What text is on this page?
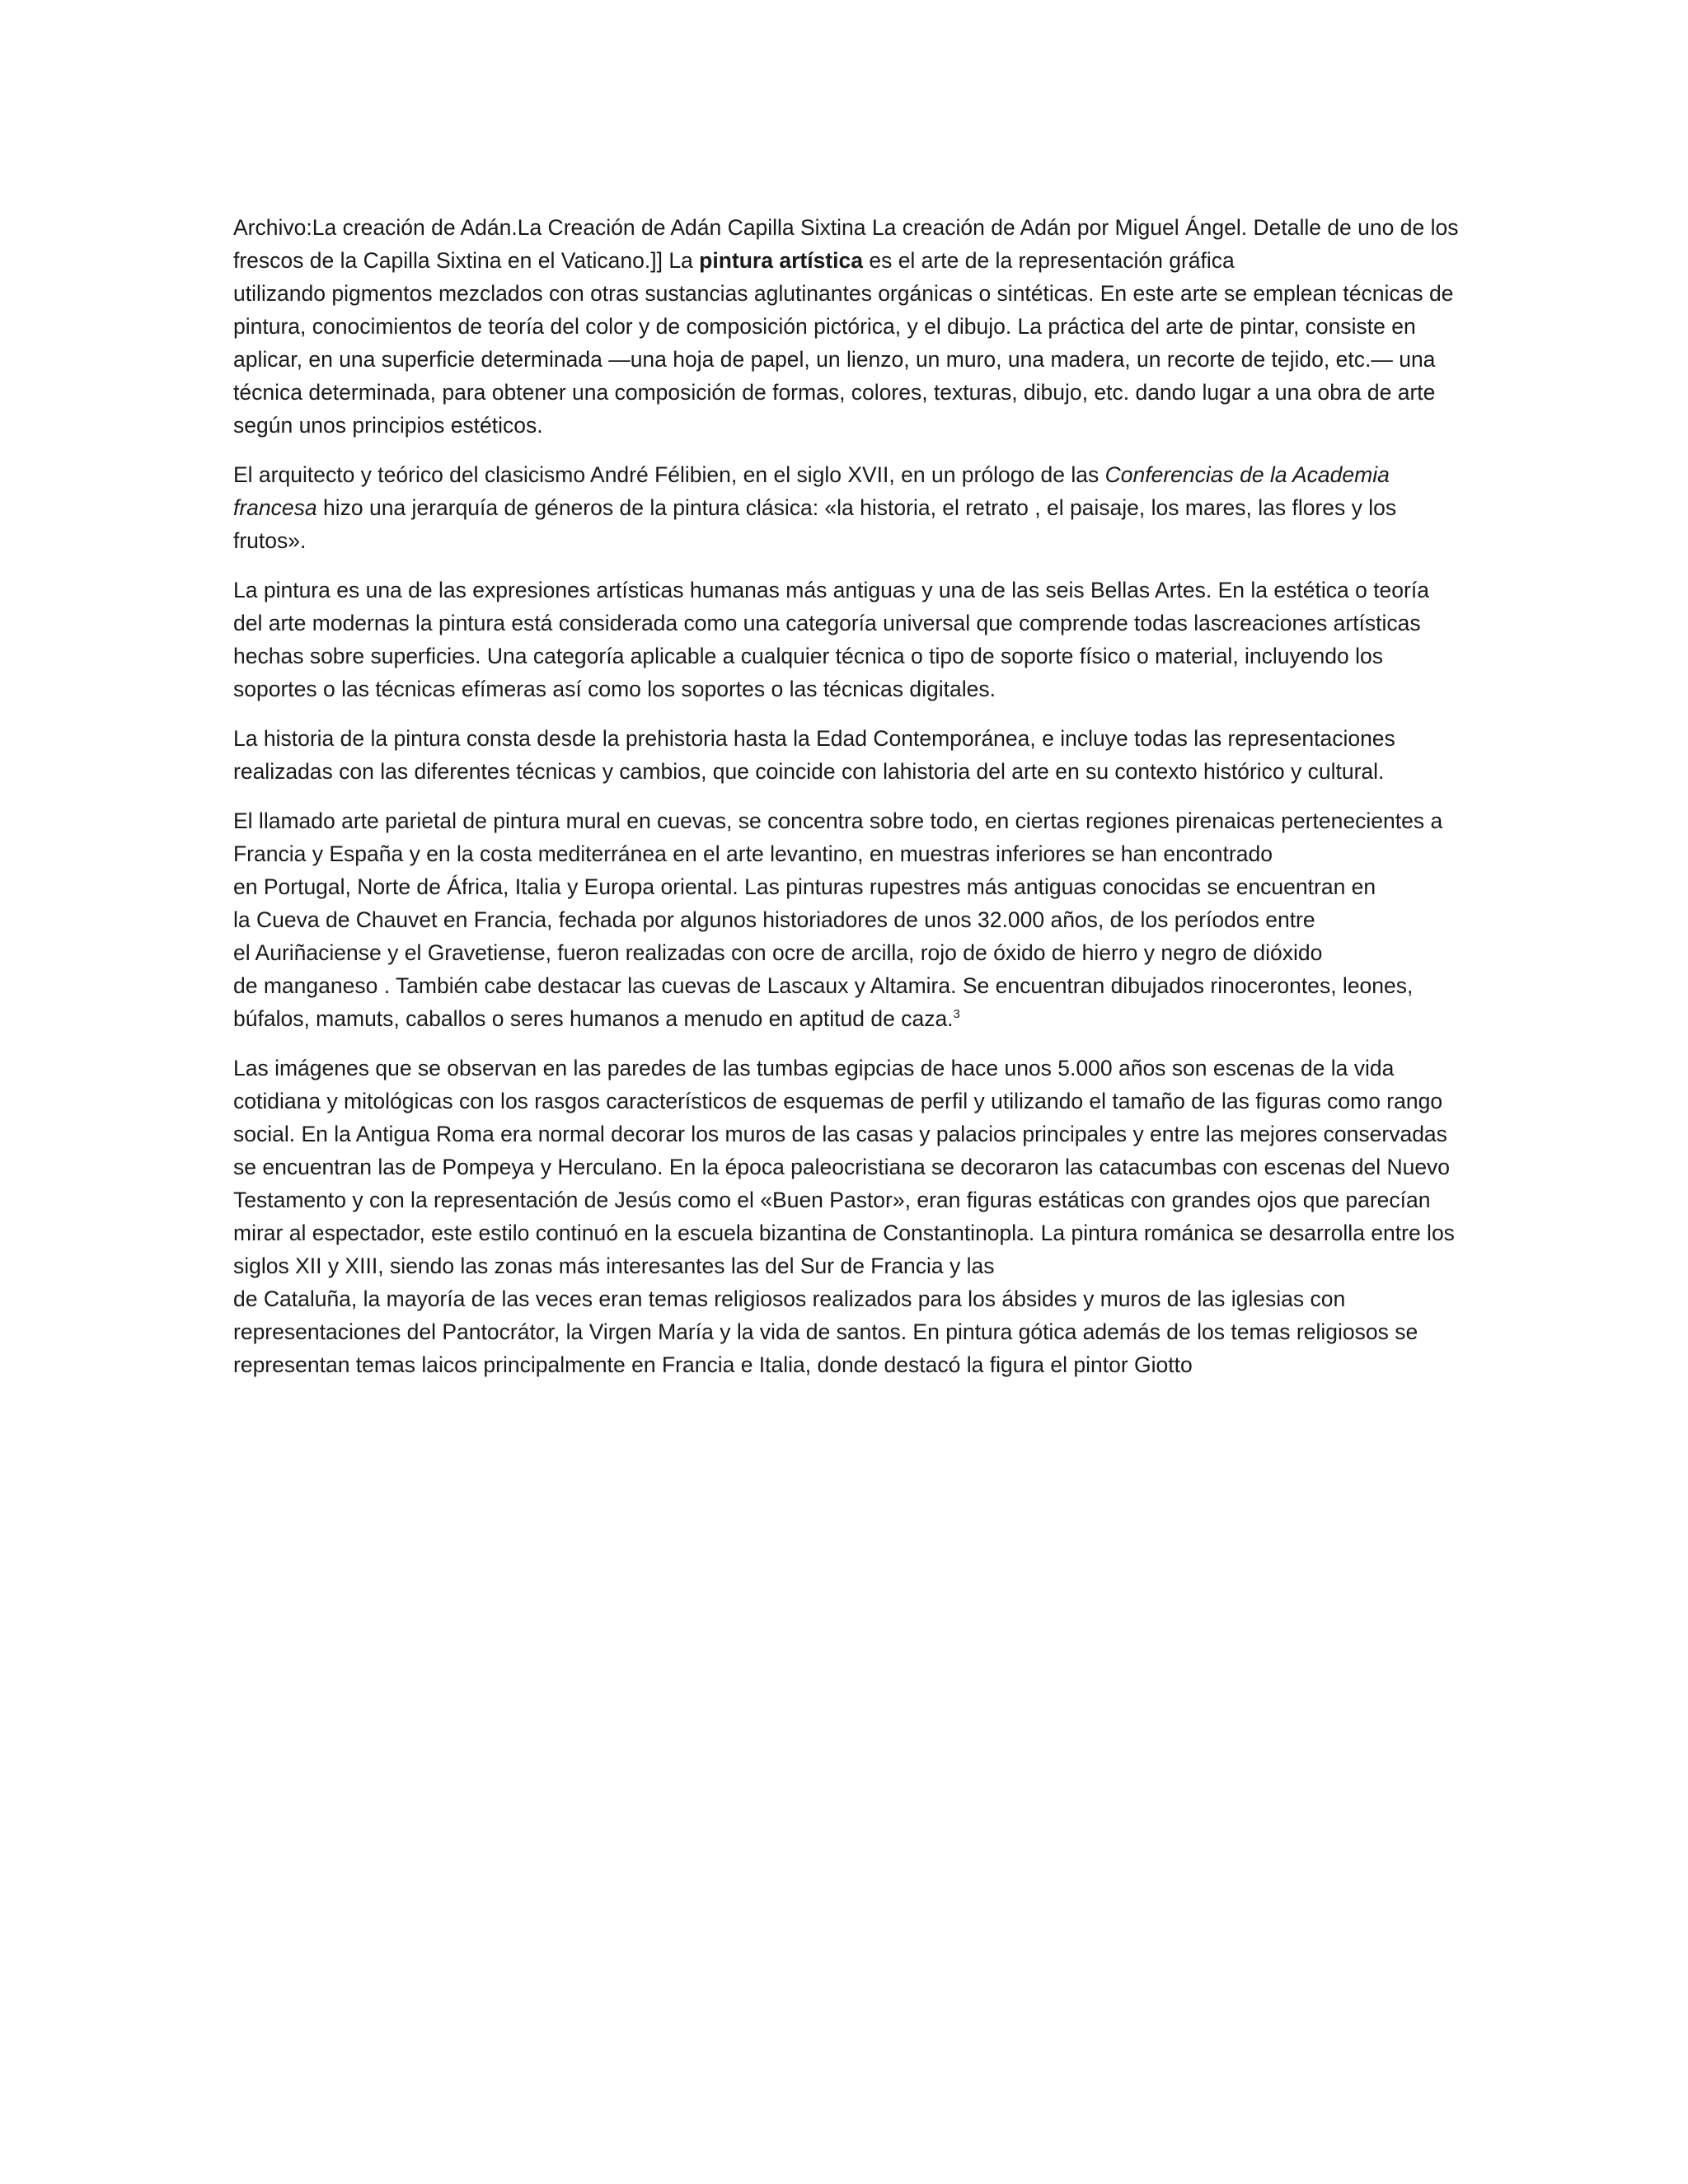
Archivo:La creación de Adán.La Creación de Adán Capilla Sixtina La creación de Adán por Miguel Ángel. Detalle de uno de los frescos de la Capilla Sixtina en el Vaticano.]] La pintura artística es el arte de la representación gráfica
utilizando pigmentos mezclados con otras sustancias aglutinantes orgánicas o sintéticas. En este arte se emplean técnicas de pintura, conocimientos de teoría del color y de composición pictórica, y el dibujo. La práctica del arte de pintar, consiste en aplicar, en una superficie determinada —una hoja de papel, un lienzo, un muro, una madera, un recorte de tejido, etc.— una técnica determinada, para obtener una composición de formas, colores, texturas, dibujo, etc. dando lugar a una obra de arte según unos principios estéticos.

El arquitecto y teórico del clasicismo André Félibien, en el siglo XVII, en un prólogo de las Conferencias de la Academia francesa hizo una jerarquía de géneros de la pintura clásica: «la historia, el retrato , el paisaje, los mares, las flores y los frutos».

La pintura es una de las expresiones artísticas humanas más antiguas y una de las seis Bellas Artes. En la estética o teoría del arte modernas la pintura está considerada como una categoría universal que comprende todas lascreaciones artísticas hechas sobre superficies. Una categoría aplicable a cualquier técnica o tipo de soporte físico o material, incluyendo los soportes o las técnicas efímeras así como los soportes o las técnicas digitales.

La historia de la pintura consta desde la prehistoria hasta la Edad Contemporánea, e incluye todas las representaciones realizadas con las diferentes técnicas y cambios, que coincide con lahistoria del arte en su contexto histórico y cultural.

El llamado arte parietal de pintura mural en cuevas, se concentra sobre todo, en ciertas regiones pirenaicas pertenecientes a Francia y España y en la costa mediterránea en el arte levantino, en muestras inferiores se han encontrado
en Portugal, Norte de África, Italia y Europa oriental. Las pinturas rupestres más antiguas conocidas se encuentran en
la Cueva de Chauvet en Francia, fechada por algunos historiadores de unos 32.000 años, de los períodos entre
el Auriñaciense y el Gravetiense, fueron realizadas con ocre de arcilla, rojo de óxido de hierro y negro de dióxido
de manganeso . También cabe destacar las cuevas de Lascaux y Altamira. Se encuentran dibujados rinocerontes, leones, búfalos, mamuts, caballos o seres humanos a menudo en aptitud de caza.$^3$

Las imágenes que se observan en las paredes de las tumbas egipcias de hace unos 5.000 años son escenas de la vida cotidiana y mitológicas con los rasgos característicos de esquemas de perfil y utilizando el tamaño de las figuras como rango social. En la Antigua Roma era normal decorar los muros de las casas y palacios principales y entre las mejores conservadas se encuentran las de Pompeya y Herculano. En la época paleocristiana se decoraron las catacumbas con escenas del Nuevo Testamento y con la representación de Jesús como el «Buen Pastor», eran figuras estáticas con grandes ojos que parecían mirar al espectador, este estilo continuó en la escuela bizantina de Constantinopla. La pintura románica se desarrolla entre los siglos XII y XIII, siendo las zonas más interesantes las del Sur de Francia y las
de Cataluña, la mayoría de las veces eran temas religiosos realizados para los ábsides y muros de las iglesias con representaciones del Pantocrátor, la Virgen María y la vida de santos. En pintura gótica además de los temas religiosos se representan temas laicos principalmente en Francia e Italia, donde destacó la figura el pintor Giotto
